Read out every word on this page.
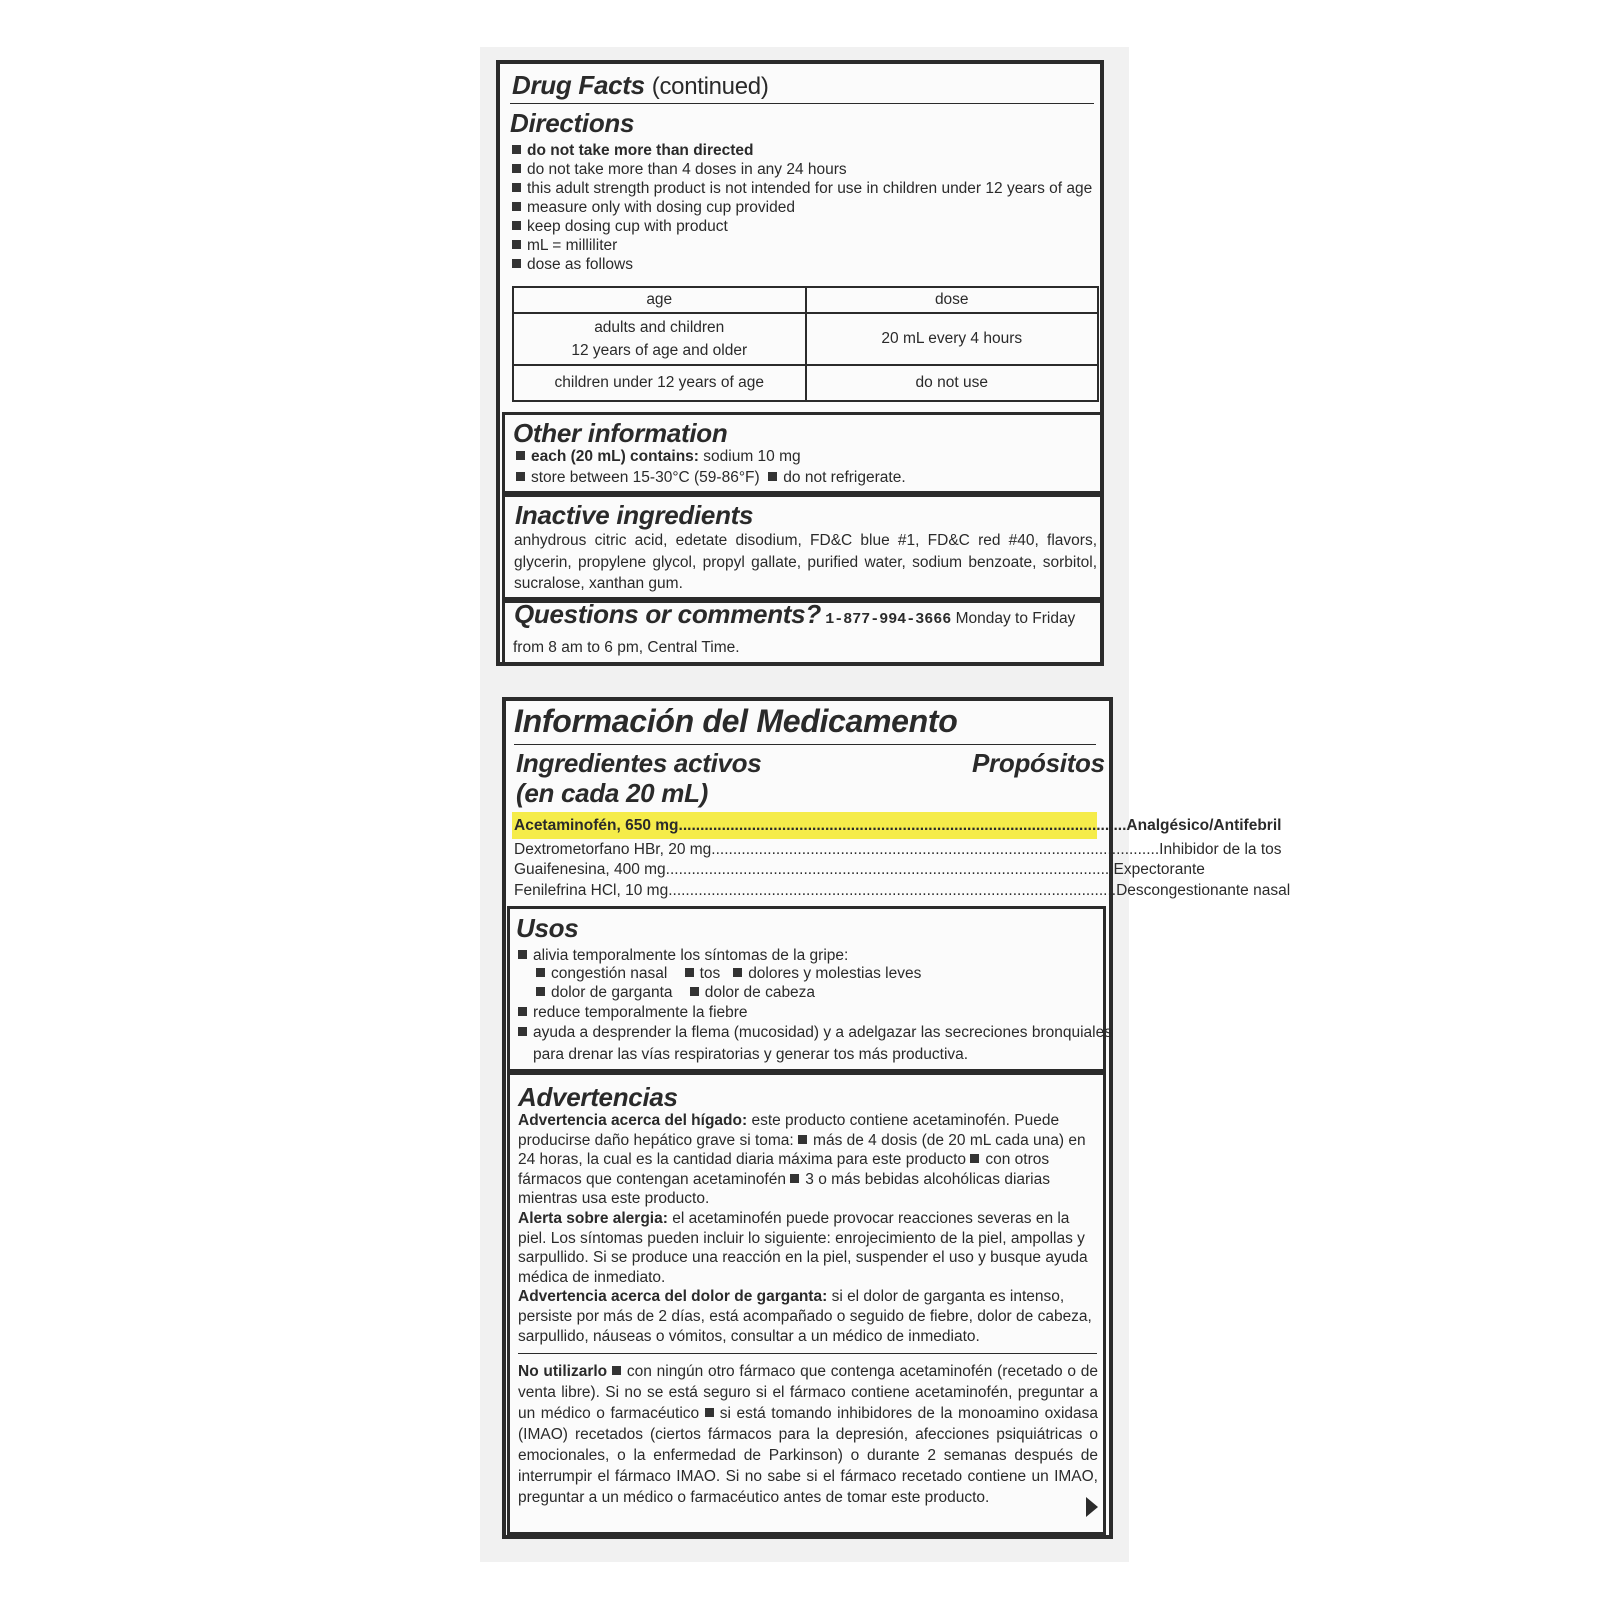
Drug Facts (continued)
Directions
do not take more than directed
do not take more than 4 doses in any 24 hours
this adult strength product is not intended for use in children under 12 years of age
measure only with dosing cup provided
keep dosing cup with product
mL = milliliter
dose as follows
age	dose
adults and children
12 years of age and older	20 mL every 4 hours
children under 12 years of age	do not use
Other information
each (20 mL) contains: sodium 10 mg
store between 15-30°C (59-86°F) do not refrigerate.
Inactive ingredients
anhydrous citric acid, edetate disodium, FD&C blue #1, FD&C red #40, flavors, glycerin, propylene glycol, propyl gallate, purified water, sodium benzoate, sorbitol, sucralose, xanthan gum.
Questions or comments? 1-877-994-3666 Monday to Friday
from 8 am to 6 pm, Central Time.
Información del Medicamento
Ingredientes activos
(en cada 20 mL)
Propósitos
Acetaminofén, 650 mg ........................................................................................................ Analgésico/Antifebril
Dextrometorfano HBr, 20 mg ........................................................................................................ Inhibidor de la tos
Guaifenesina, 400 mg ........................................................................................................ Expectorante
Fenilefrina HCl, 10 mg ........................................................................................................ Descongestionante nasal
Usos
alivia temporalmente los síntomas de la gripe:
congestión nasal tos dolores y molestias leves
dolor de garganta dolor de cabeza
reduce temporalmente la fiebre
ayuda a desprender la flema (mucosidad) y a adelgazar las secreciones bronquiales
para drenar las vías respiratorias y generar tos más productiva.
Advertencias
Advertencia acerca del hígado: este producto contiene acetaminofén. Puede producirse daño hepático grave si toma: más de 4 dosis (de 20 mL cada una) en 24 horas, la cual es la cantidad diaria máxima para este producto con otros fármacos que contengan acetaminofén 3 o más bebidas alcohólicas diarias mientras usa este producto.
Alerta sobre alergia: el acetaminofén puede provocar reacciones severas en la piel. Los síntomas pueden incluir lo siguiente: enrojecimiento de la piel, ampollas y sarpullido. Si se produce una reacción en la piel, suspender el uso y busque ayuda médica de inmediato.
Advertencia acerca del dolor de garganta: si el dolor de garganta es intenso, persiste por más de 2 días, está acompañado o seguido de fiebre, dolor de cabeza, sarpullido, náuseas o vómitos, consultar a un médico de inmediato.
No utilizarlo con ningún otro fármaco que contenga acetaminofén (recetado o de venta libre). Si no se está seguro si el fármaco contiene acetaminofén, preguntar a un médico o farmacéutico si está tomando inhibidores de la monoamino oxidasa (IMAO) recetados (ciertos fármacos para la depresión, afecciones psiquiátricas o emocionales, o la enfermedad de Parkinson) o durante 2 semanas después de interrumpir el fármaco IMAO. Si no sabe si el fármaco recetado contiene un IMAO, preguntar a un médico o farmacéutico antes de tomar este producto.
